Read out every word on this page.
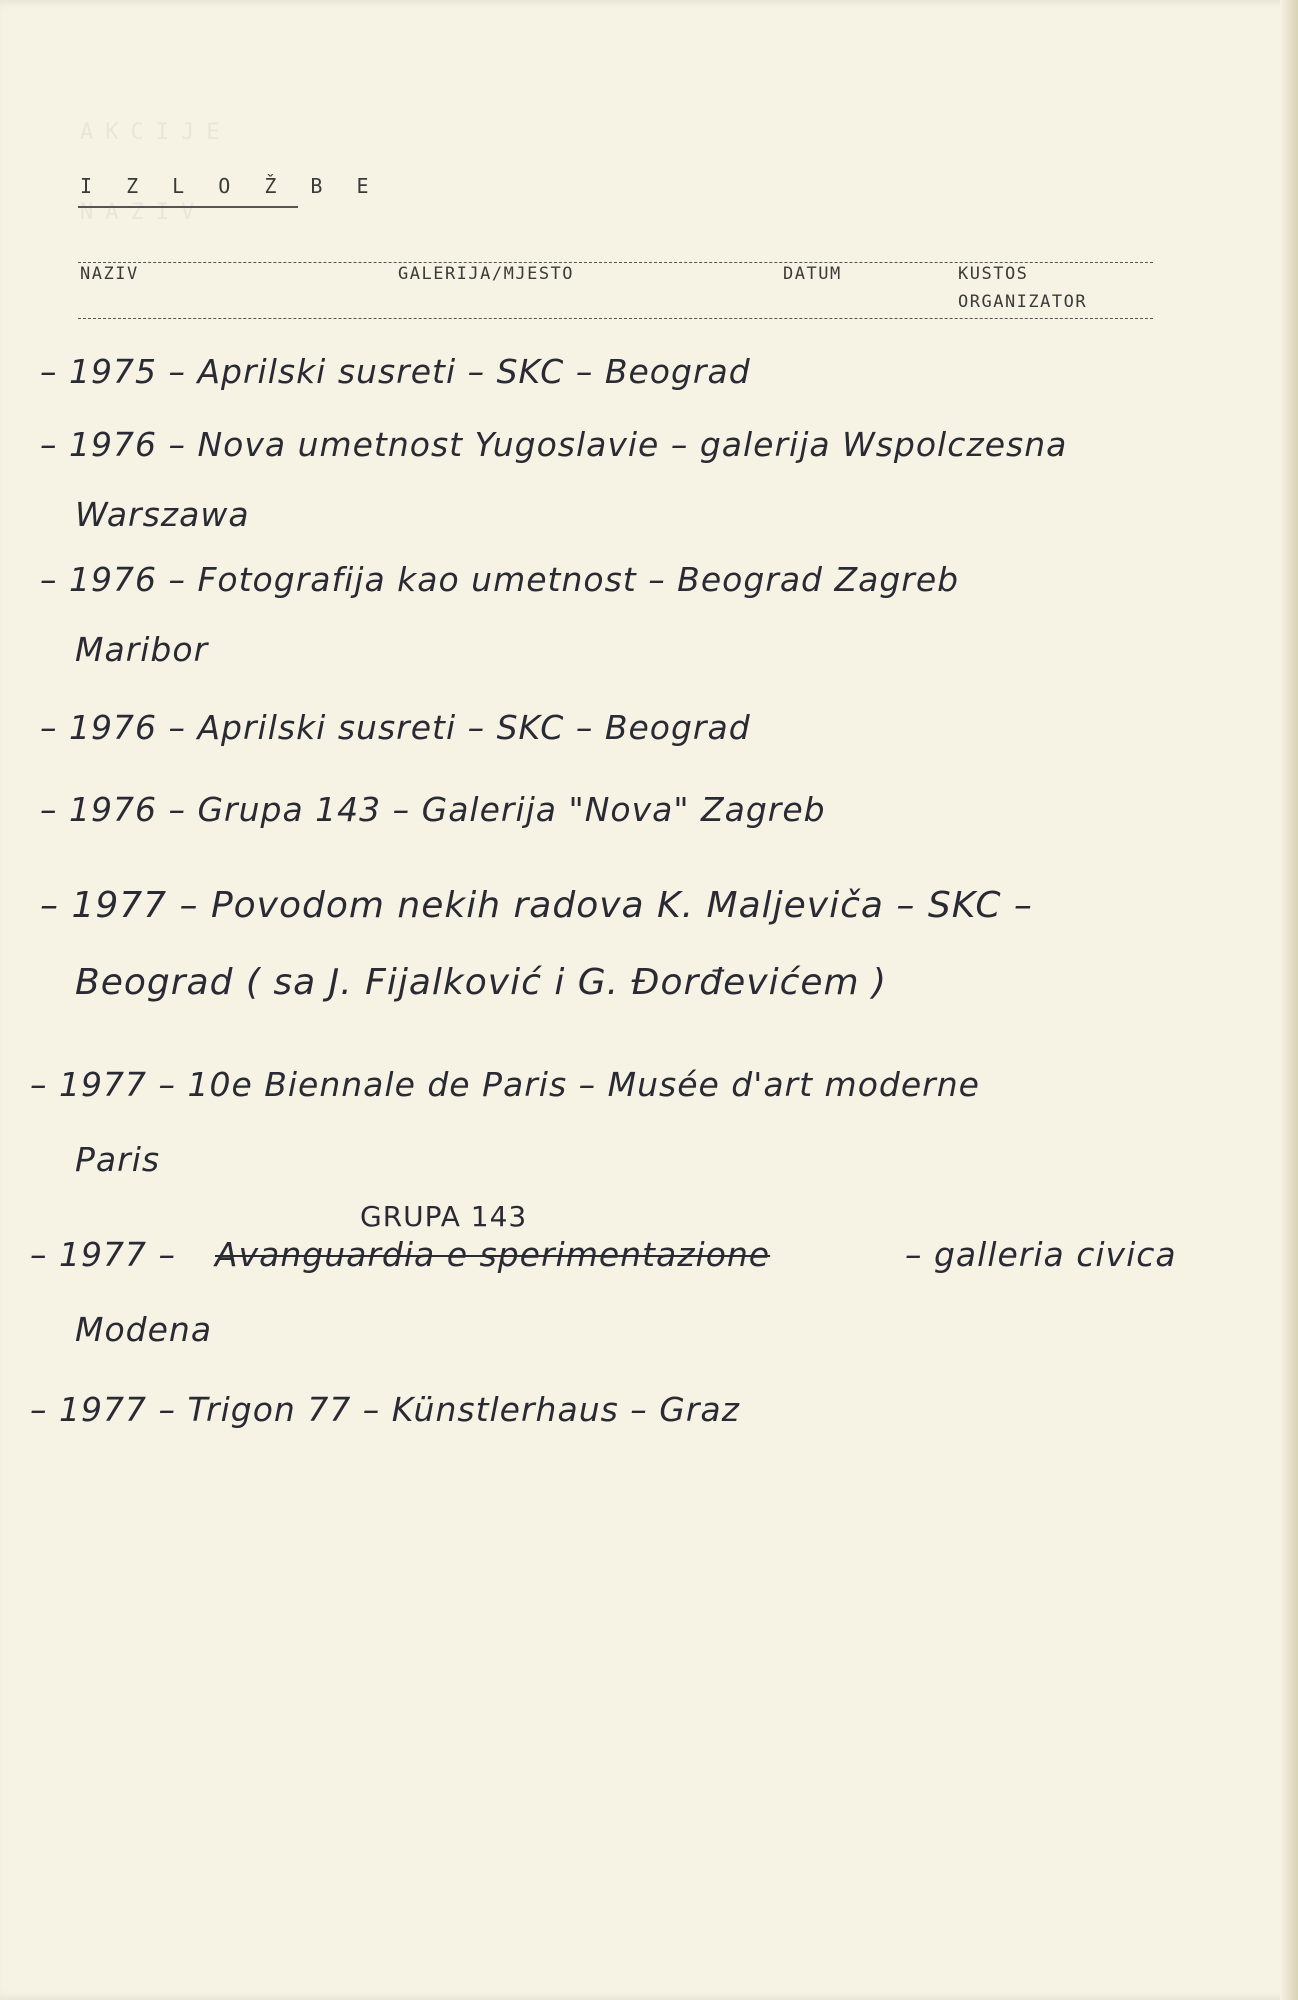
AKCIJE
NAZIV
I Z L O Ž B E
NAZIV	GALERIJA/MJESTO	DATUM	KUSTOS
ORGANIZATOR
– 1975 – Aprilski susreti – SKC – Beograd
– 1976 – Nova umetnost Yugoslavie – galerija Wspolczesna
Warszawa
– 1976 – Fotografija kao umetnost – Beograd Zagreb
Maribor
– 1976 – Aprilski susreti – SKC – Beograd
– 1976 – Grupa 143 – Galerija "Nova" Zagreb
– 1977 – Povodom nekih radova K. Maljeviča – SKC –
Beograd ( sa J. Fijalković i G. Đorđevićem )
– 1977 – 10e Biennale de Paris – Musée d'art moderne
Paris
GRUPA 143
– 1977 – Avanguardia e sperimentazione	– galleria civica
Modena
– 1977 – Trigon 77 – Künstlerhaus – Graz
